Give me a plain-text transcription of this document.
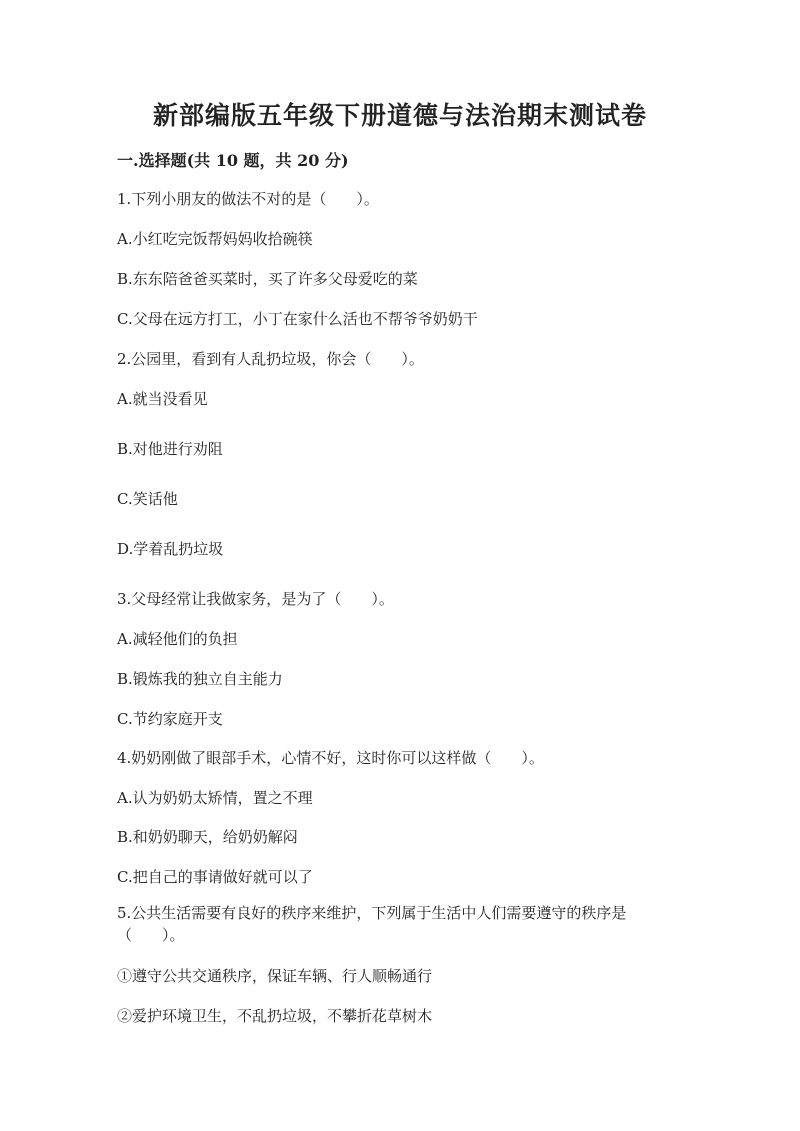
新部编版五年级下册道德与法治期末测试卷
一.选择题(共 10 题，共 20 分)
1.下列小朋友的做法不对的是（　　）。
A.小红吃完饭帮妈妈收拾碗筷
B.东东陪爸爸买菜时，买了许多父母爱吃的菜
C.父母在远方打工，小丁在家什么活也不帮爷爷奶奶干
2.公园里，看到有人乱扔垃圾，你会（　　）。
A.就当没看见
B.对他进行劝阻
C.笑话他
D.学着乱扔垃圾
3.父母经常让我做家务，是为了（　　）。
A.减轻他们的负担
B.锻炼我的独立自主能力
C.节约家庭开支
4.奶奶刚做了眼部手术，心情不好，这时你可以这样做（　　）。
A.认为奶奶太矫情，置之不理
B.和奶奶聊天，给奶奶解闷
C.把自己的事请做好就可以了
5.公共生活需要有良好的秩序来维护，下列属于生活中人们需要遵守的秩序是（　　）。
①遵守公共交通秩序，保证车辆、行人顺畅通行
②爱护环境卫生，不乱扔垃圾，不攀折花草树木
